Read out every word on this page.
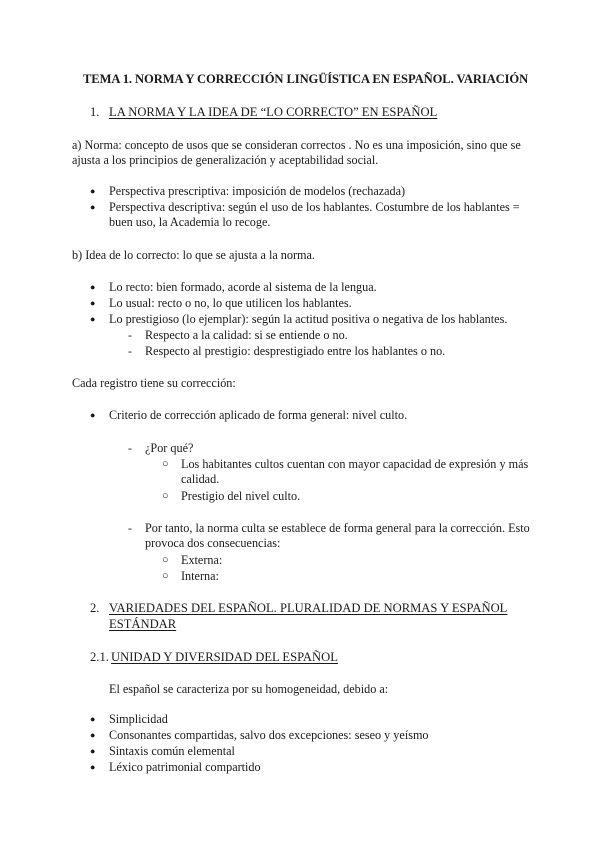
TEMA 1. NORMA Y CORRECCIÓN LINGÜÍSTICA EN ESPAÑOL. VARIACIÓN
1. LA NORMA Y LA IDEA DE “LO CORRECTO” EN ESPAÑOL
a) Norma: concepto de usos que se consideran correctos . No es una imposición, sino que se ajusta a los principios de generalización y aceptabilidad social.
● Perspectiva prescriptiva: imposición de modelos (rechazada)
● Perspectiva descriptiva: según el uso de los hablantes. Costumbre de los hablantes = buen uso, la Academia lo recoge.
b) Idea de lo correcto: lo que se ajusta a la norma.
● Lo recto: bien formado, acorde al sistema de la lengua.
● Lo usual: recto o no, lo que utilicen los hablantes.
● Lo prestigioso (lo ejemplar): según la actitud positiva o negativa de los hablantes.
- Respecto a la calidad: si se entiende o no.
- Respecto al prestigio: desprestigiado entre los hablantes o no.
Cada registro tiene su corrección:
● Criterio de corrección aplicado de forma general: nivel culto.
- ¿Por qué?
○ Los habitantes cultos cuentan con mayor capacidad de expresión y más calidad.
○ Prestigio del nivel culto.
- Por tanto, la norma culta se establece de forma general para la corrección. Esto provoca dos consecuencias:
○ Externa:
○ Interna:
2. VARIEDADES DEL ESPAÑOL. PLURALIDAD DE NORMAS Y ESPAÑOL ESTÁNDAR
2.1. UNIDAD Y DIVERSIDAD DEL ESPAÑOL
El español se caracteriza por su homogeneidad, debido a:
● Simplicidad
● Consonantes compartidas, salvo dos excepciones: seseo y yeísmo
● Sintaxis común elemental
● Léxico patrimonial compartido
